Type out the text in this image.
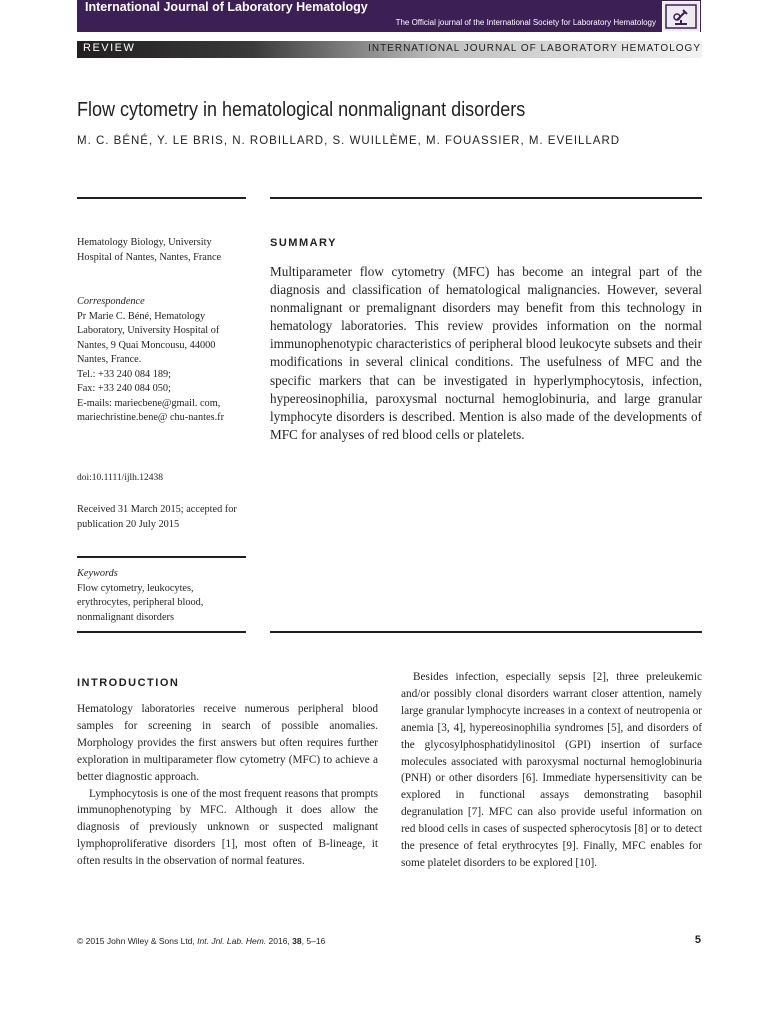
International Journal of Laboratory Hematology
The Official journal of the International Society for Laboratory Hematology
REVIEW	INTERNATIONAL JOURNAL OF LABORATORY HEMATOLOGY
Flow cytometry in hematological nonmalignant disorders
M. C. BÉNÉ, Y. LE BRIS, N. ROBILLARD, S. WUILLÈME, M. FOUASSIER, M. EVEILLARD
Hematology Biology, University Hospital of Nantes, Nantes, France
Correspondence
Pr Marie C. Béné, Hematology Laboratory, University Hospital of Nantes, 9 Quai Moncousu, 44000 Nantes, France.
Tel.: +33 240 084 189;
Fax: +33 240 084 050;
E-mails: mariecbene@gmail. com, mariechristine.bene@ chu-nantes.fr
doi:10.1111/ijlh.12438
Received 31 March 2015; accepted for publication 20 July 2015
Keywords
Flow cytometry, leukocytes, erythrocytes, peripheral blood, nonmalignant disorders
SUMMARY
Multiparameter flow cytometry (MFC) has become an integral part of the diagnosis and classification of hematological malignancies. However, several nonmalignant or premalignant disorders may benefit from this technology in hematology laboratories. This review provides information on the normal immunophenotypic characteristics of peripheral blood leukocyte subsets and their modifications in several clinical conditions. The usefulness of MFC and the specific markers that can be investigated in hyperlymphocytosis, infection, hypereosinophilia, paroxysmal nocturnal hemoglobinuria, and large granular lymphocyte disorders is described. Mention is also made of the developments of MFC for analyses of red blood cells or platelets.
INTRODUCTION

Hematology laboratories receive numerous peripheral blood samples for screening in search of possible anomalies. Morphology provides the first answers but often requires further exploration in multiparameter flow cytometry (MFC) to achieve a better diagnostic approach.

Lymphocytosis is one of the most frequent reasons that prompts immunophenotyping by MFC. Although it does allow the diagnosis of previously unknown or suspected malignant lymphoproliferative disorders [1], most often of B-lineage, it often results in the observation of normal features.

Besides infection, especially sepsis [2], three preleukemic and/or possibly clonal disorders warrant closer attention, namely large granular lymphocyte increases in a context of neutropenia or anemia [3, 4], hypereosinophilia syndromes [5], and disorders of the glycosylphosphatidylinositol (GPI) insertion of surface molecules associated with paroxysmal nocturnal hemoglobinuria (PNH) or other disorders [6]. Immediate hypersensitivity can be explored in functional assays demonstrating basophil degranulation [7]. MFC can also provide useful information on red blood cells in cases of suspected spherocytosis [8] or to detect the presence of fetal erythrocytes [9]. Finally, MFC enables for some platelet disorders to be explored [10].

© 2015 John Wiley & Sons Ltd, Int. Jnl. Lab. Hem. 2016, 38, 5–16	5
